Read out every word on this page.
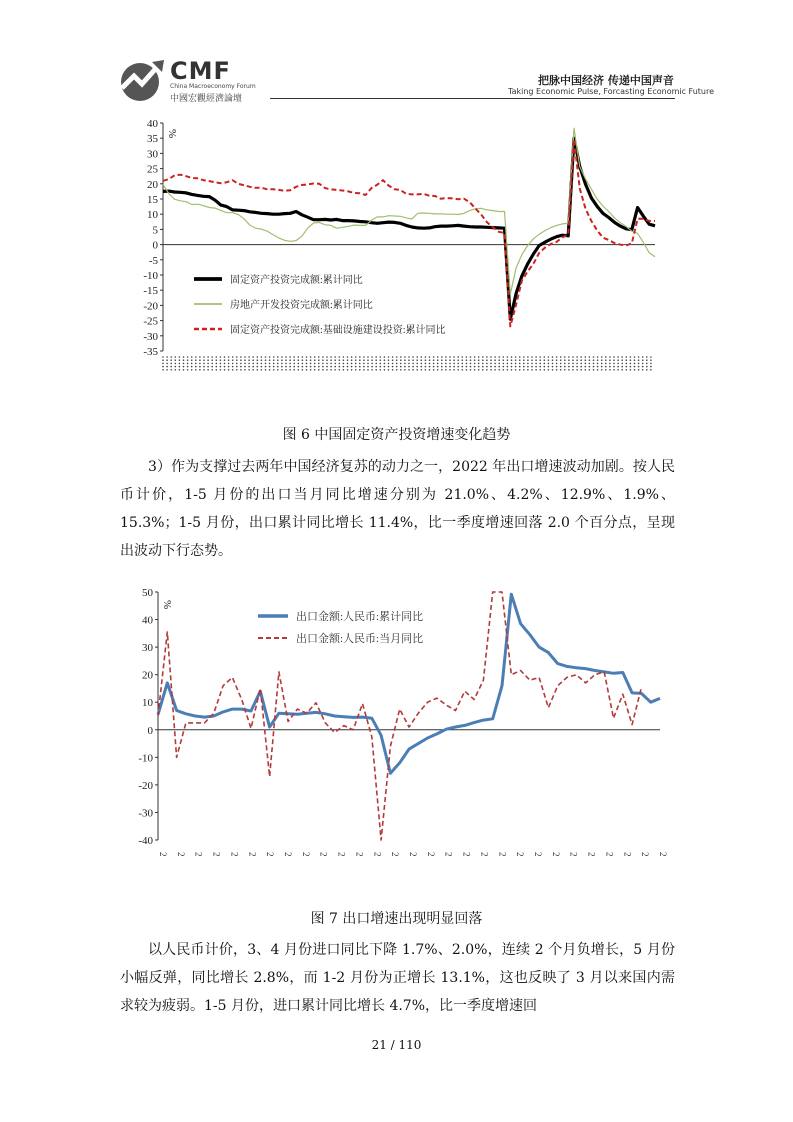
CMF
China Macroeconomy Forum
中國宏觀經濟論壇
把脉中国经济 传递中国声音
Taking Economic Pulse, Forcasting Economic Future
40
35
30
25
20
15
10
5
0
-5
-10
-15
-20
-25
-30
-35
%
固定资产投资完成额:累计同比
房地产开发投资完成额:累计同比
固定资产投资完成额:基础设施建设投资:累计同比
图 6 中国固定资产投资增速变化趋势

3）作为支撑过去两年中国经济复苏的动力之一，2022 年出口增速波动加剧。按人民币计价，1-5 月份的出口当月同比增速分别为 21.0%、4.2%、12.9%、1.9%、15.3%；1-5 月份，出口累计同比增长 11.4%，比一季度增速回落 2.0 个百分点，呈现出波动下行态势。

50
40
30
20
10
0
-10
-20
-30
-40
%
出口金额:人民币:累计同比
出口金额:人民币:当月同比
2 2 2 2 2 2 2 2 2 2 2 2 2 2 2 2 2 2 2 2 2 2 2 2 2 2 2 2 2
图 7 出口增速出现明显回落

以人民币计价，3、4 月份进口同比下降 1.7%、2.0%，连续 2 个月负增长，5 月份小幅反弹，同比增长 2.8%，而 1-2 月份为正增长 13.1%，这也反映了 3 月以来国内需求较为疲弱。1-5 月份，进口累计同比增长 4.7%，比一季度增速回

21 / 110
